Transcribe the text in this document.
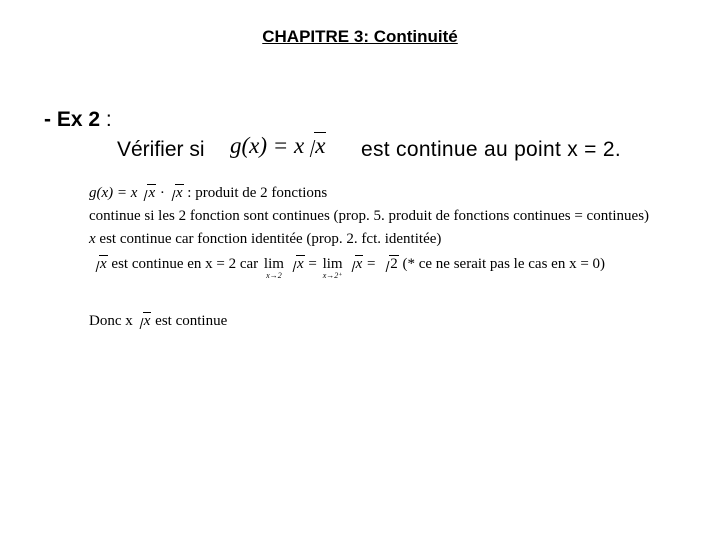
CHAPITRE 3: Continuité
- Ex 2 :
Vérifier si g(x) = x x est continue au point x = 2.
g(x) = x x · x : produit de 2 fonctions
continue si les 2 fonction sont continues (prop. 5. produit de fonctions continues = continues)
x est continue car fonction identitée (prop. 2. fct. identitée)
x est continue en x = 2 car lim
x→2
x = lim
x→2⁺
x = 2 (* ce ne serait pas le cas en x = 0)
Donc x x est continue
